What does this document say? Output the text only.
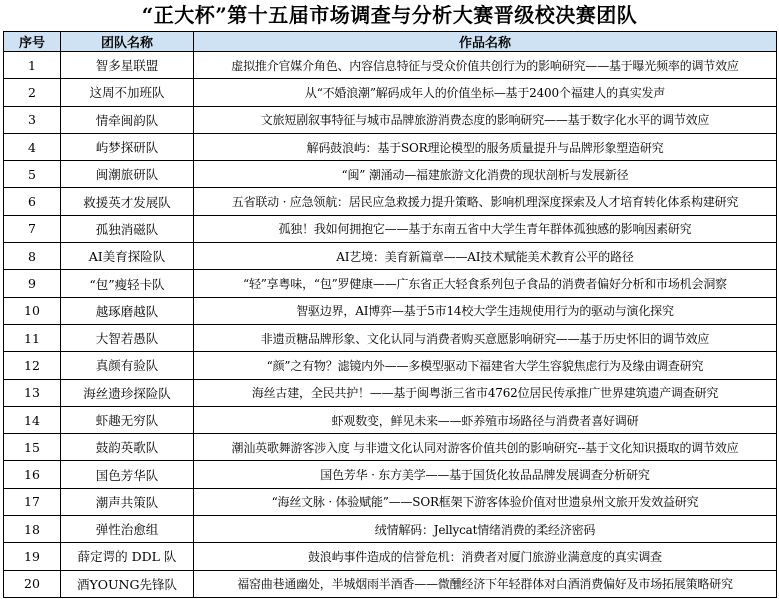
“正大杯”第十五届市场调查与分析大赛晋级校决赛团队
序号	团队名称	作品名称
1	智多星联盟	虚拟推介官媒介角色、内容信息特征与受众价值共创行为的影响研究——基于曝光频率的调节效应
2	这周不加班队	从“不婚浪潮”解码成年人的价值坐标—基于2400个福建人的真实发声
3	情牵闽韵队	文旅短剧叙事特征与城市品牌旅游消费态度的影响研究——基于数字化水平的调节效应
4	屿梦探研队	解码鼓浪屿：基于SOR理论模型的服务质量提升与品牌形象塑造研究
5	闽潮旅研队	“闽” 潮涌动—福建旅游文化消费的现状剖析与发展新径
6	救援英才发展队	五省联动 · 应急领航：居民应急救援力提升策略、影响机理深度探索及人才培育转化体系构建研究
7	孤独消磁队	孤独！我如何拥抱它——基于东南五省中大学生青年群体孤独感的影响因素研究
8	AI美育探险队	AI艺境：美育新篇章——AI技术赋能美术教育公平的路径
9	“包”瘦轻卡队	“轻”享粤味，“包”罗健康——广东省正大轻食系列包子食品的消费者偏好分析和市场机会洞察
10	越琢磨越队	智驱边界，AI博弈—基于5市14校大学生违规使用行为的驱动与演化探究
11	大智若愚队	非遗贡糖品牌形象、文化认同与消费者购买意愿影响研究——基于历史怀旧的调节效应
12	真颜有验队	“颜”之有物？滤镜内外——多模型驱动下福建省大学生容貌焦虑行为及缘由调查研究
13	海丝遗珍探险队	海丝古建，全民共护！——基于闽粤浙三省市4762位居民传承推广世界建筑遗产调查研究
14	虾趣无穷队	虾观数变，鲜见未来——虾养殖市场路径与消费者喜好调研
15	鼓韵英歌队	潮汕英歌舞游客涉入度 与非遗文化认同对游客价值共创的影响研究--基于文化知识摄取的调节效应
16	国色芳华队	国色芳华 · 东方美学——基于国货化妆品品牌发展调查分析研究
17	潮声共策队	“海丝文脉 · 体验赋能”——SOR框架下游客体验价值对世遗泉州文旅开发效益研究
18	弹性治愈组	绒情解码：Jellycat情绪消费的柔经济密码
19	薛定谔的 DDL 队	鼓浪屿事件造成的信誉危机：消费者对厦门旅游业满意度的真实调查
20	酒YOUNG先锋队	福窑曲巷通幽处，半城烟雨半酒香——微醺经济下年轻群体对白酒消费偏好及市场拓展策略研究
